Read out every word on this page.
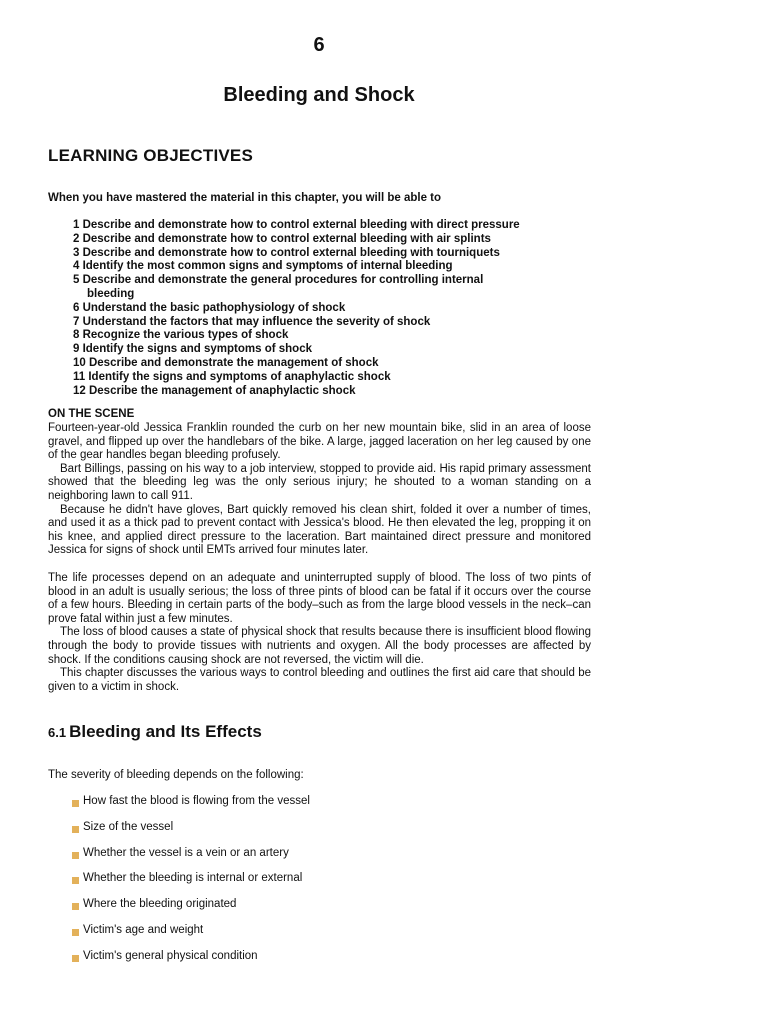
6
Bleeding and Shock
LEARNING OBJECTIVES
When you have mastered the material in this chapter, you will be able to
1 Describe and demonstrate how to control external bleeding with direct pressure
2 Describe and demonstrate how to control external bleeding with air splints
3 Describe and demonstrate how to control external bleeding with tourniquets
4 Identify the most common signs and symptoms of internal bleeding
5 Describe and demonstrate the general procedures for controlling internal
bleeding
6 Understand the basic pathophysiology of shock
7 Understand the factors that may influence the severity of shock
8 Recognize the various types of shock
9 Identify the signs and symptoms of shock
10 Describe and demonstrate the management of shock
11 Identify the signs and symptoms of anaphylactic shock
12 Describe the management of anaphylactic shock
ON THE SCENE

Fourteen-year-old Jessica Franklin rounded the curb on her new mountain bike, slid in an area of loose gravel, and flipped up over the handlebars of the bike. A large, jagged laceration on her leg caused by one of the gear handles began bleeding profusely.

Bart Billings, passing on his way to a job interview, stopped to provide aid. His rapid primary assessment showed that the bleeding leg was the only serious injury; he shouted to a woman standing on a neighboring lawn to call 911.

Because he didn't have gloves, Bart quickly removed his clean shirt, folded it over a number of times, and used it as a thick pad to prevent contact with Jessica's blood. He then elevated the leg, propping it on his knee, and applied direct pressure to the laceration. Bart maintained direct pressure and monitored Jessica for signs of shock until EMTs arrived four minutes later.

The life processes depend on an adequate and uninterrupted supply of blood. The loss of two pints of blood in an adult is usually serious; the loss of three pints of blood can be fatal if it occurs over the course of a few hours. Bleeding in certain parts of the body–such as from the large blood vessels in the neck–can prove fatal within just a few minutes.

The loss of blood causes a state of physical shock that results because there is insufficient blood flowing through the body to provide tissues with nutrients and oxygen. All the body processes are affected by shock. If the conditions causing shock are not reversed, the victim will die.

This chapter discusses the various ways to control bleeding and outlines the first aid care that should be given to a victim in shock.

6.1 Bleeding and Its Effects
The severity of bleeding depends on the following:
How fast the blood is flowing from the vessel
Size of the vessel
Whether the vessel is a vein or an artery
Whether the bleeding is internal or external
Where the bleeding originated
Victim's age and weight
Victim's general physical condition
